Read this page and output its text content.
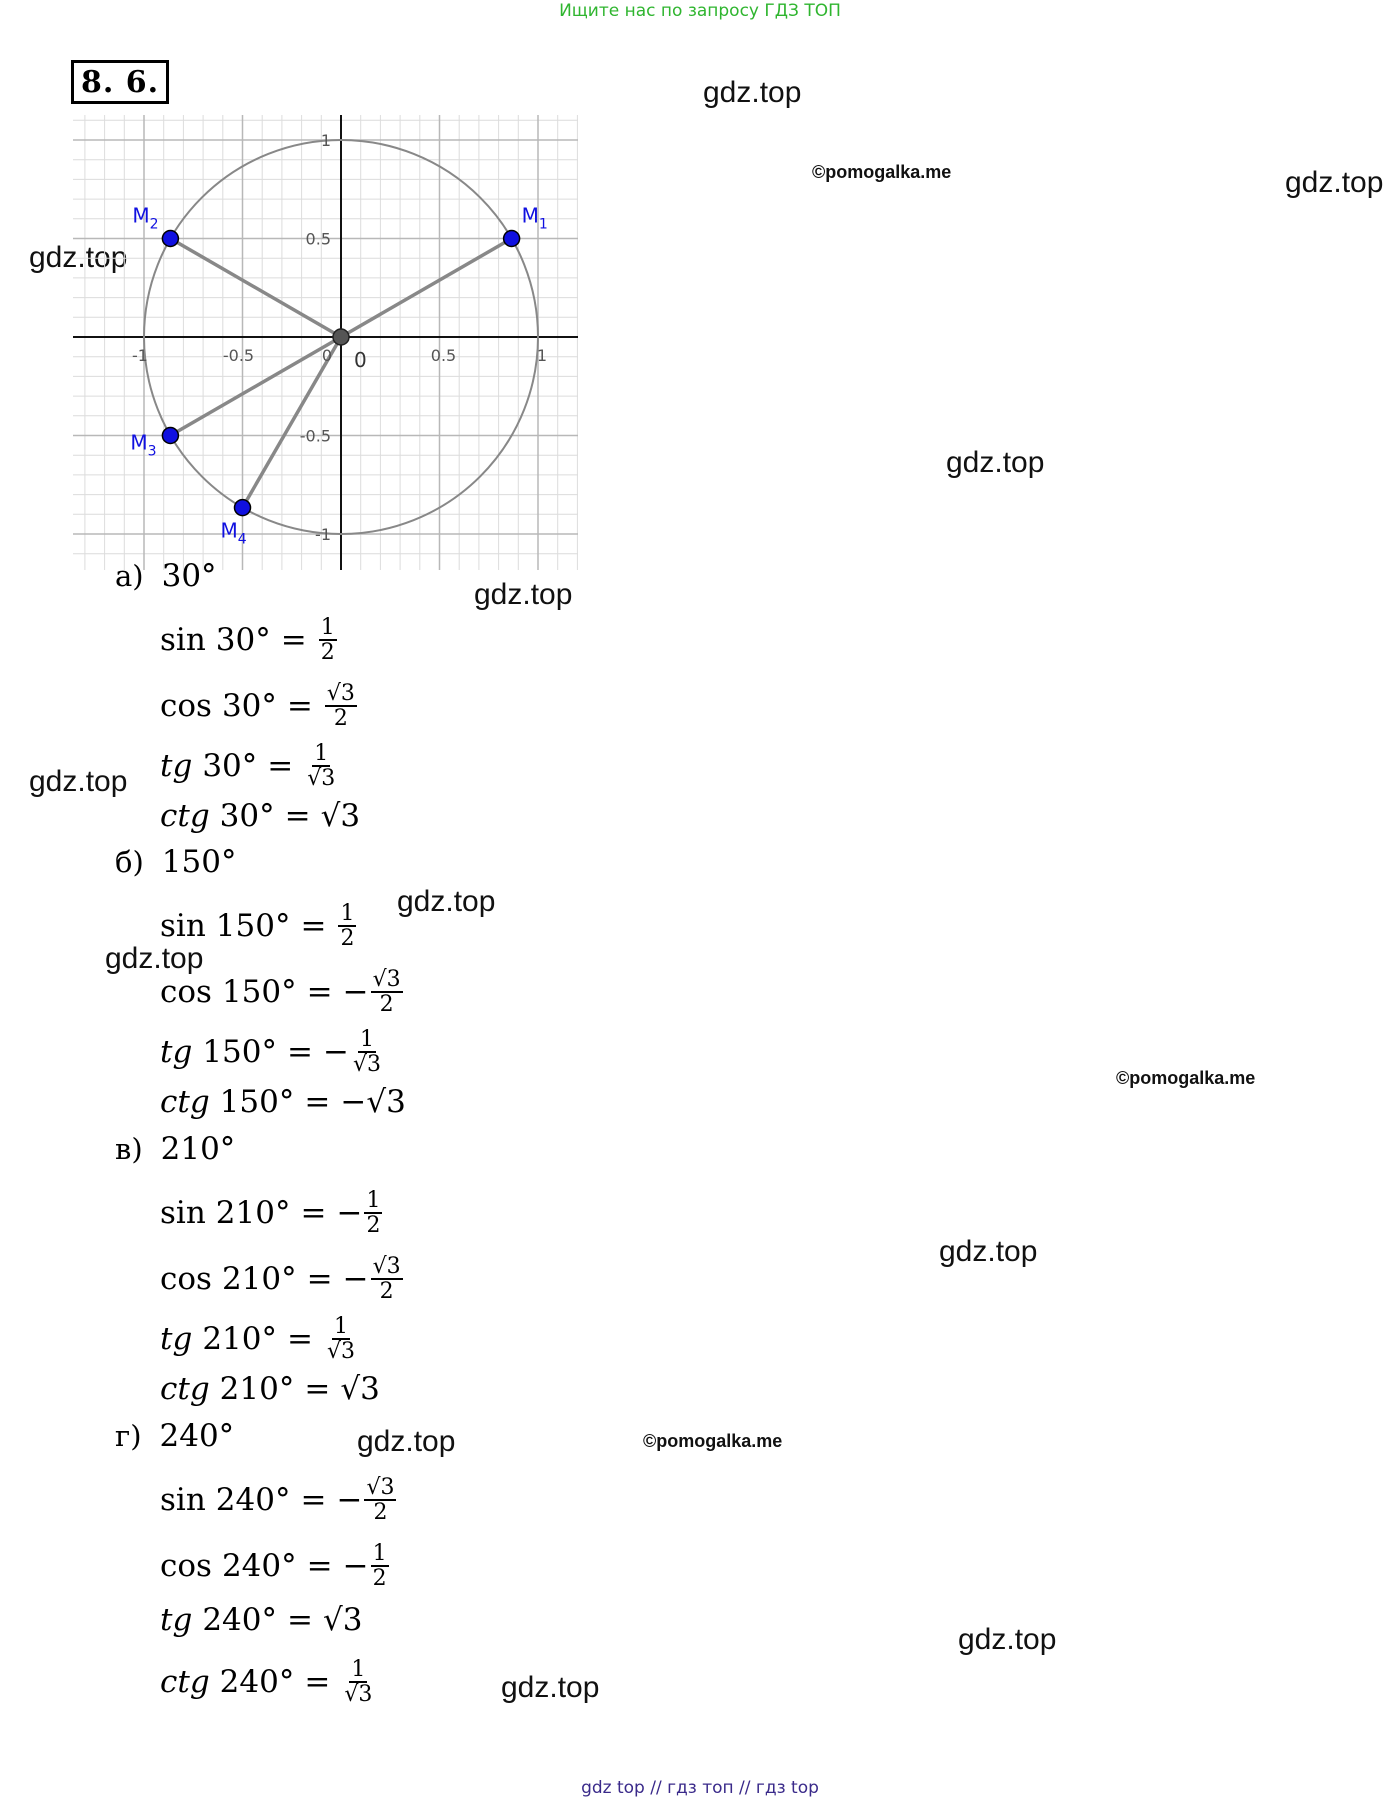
Ищите нас по запросу ГДЗ ТОП
8. 6.	gdz.top
©pomogalka.me	gdz.top
gdz.top
gdz.top
gdz.top
gdz.top
gdz.top
gdz.top
©pomogalka.me
gdz.top
gdz.top	©pomogalka.me
gdz.top
gdz.top
-1	-0.5	0	0.5	1
1
0.5
-0.5
-1
0
$M_1$
$M_2$
$M_3$
$M_4$
а) 30°
$\sin 30^\circ = \frac{1}{2}$
$\cos 30^\circ = \frac{√3}{2}$
tg $30^\circ = \frac{1}{√3}$
ctg 30° = √3
б) 150°
$\sin 150^\circ = \frac{1}{2}$
cos 150° = − $\frac{√3}{2}$
tg 150° = − $\frac{1}{√3}$
ctg 150° = − √3
в) 210°
sin 210° = − $\frac{1}{2}$
cos 210° = − $\frac{√3}{2}$
tg $210^\circ = \frac{1}{√3}$
ctg 210° = √3
г) 240°
sin 240° = − $\frac{√3}{2}$
cos 240° = − $\frac{1}{2}$
tg 240° = √3
ctg $240^\circ = \frac{1}{√3}$
gdz top // гдз топ // гдз top
